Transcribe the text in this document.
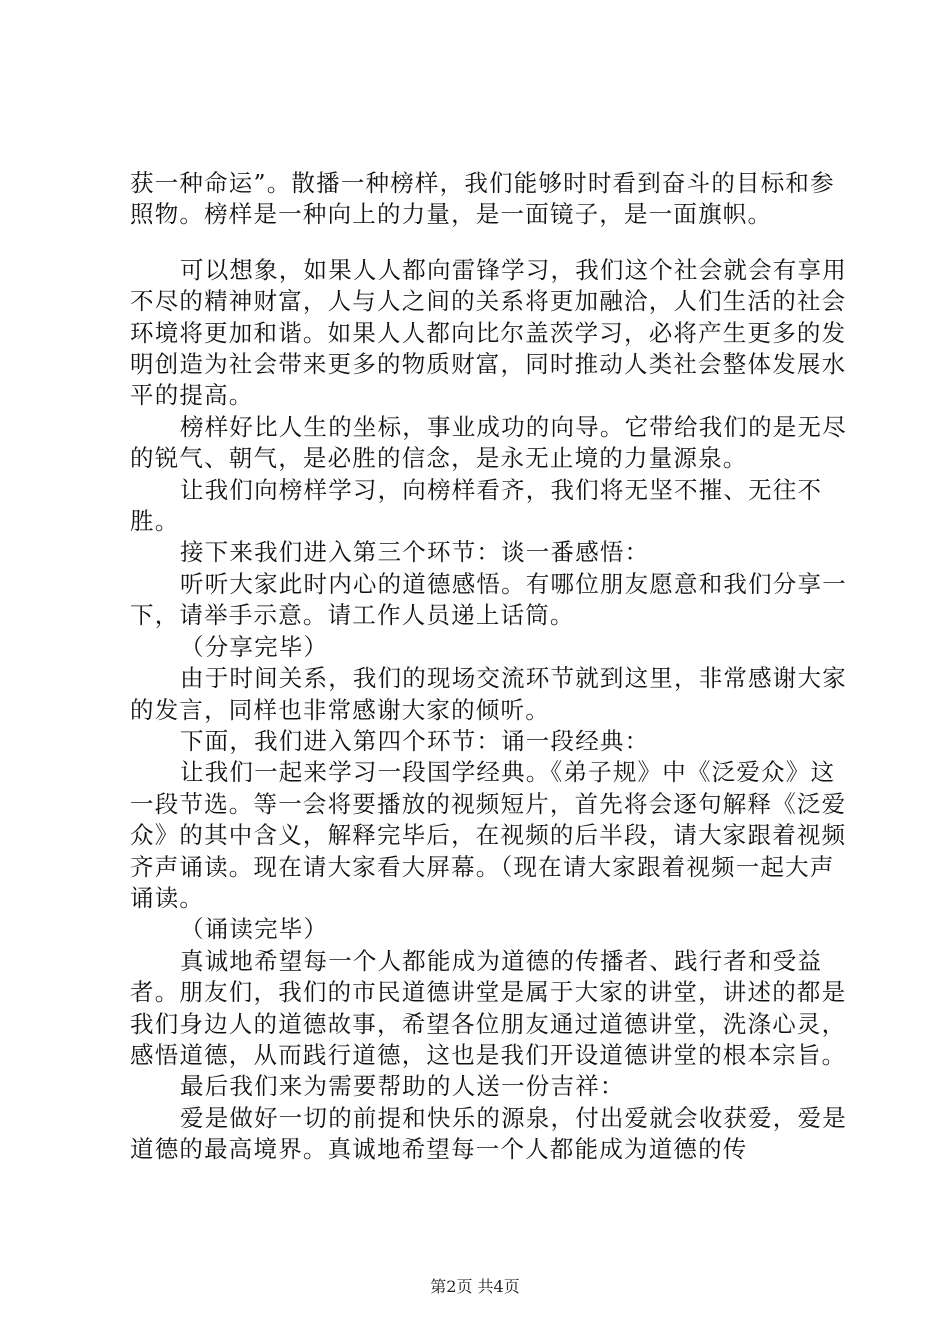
获一种命运”。散播一种榜样，我们能够时时看到奋斗的目标和参照物。榜样是一种向上的力量，是一面镜子，是一面旗帜。

可以想象，如果人人都向雷锋学习，我们这个社会就会有享用不尽的精神财富，人与人之间的关系将更加融洽，人们生活的社会环境将更加和谐。如果人人都向比尔盖茨学习，必将产生更多的发明创造为社会带来更多的物质财富，同时推动人类社会整体发展水平的提高。

榜样好比人生的坐标，事业成功的向导。它带给我们的是无尽的锐气、朝气，是必胜的信念，是永无止境的力量源泉。

让我们向榜样学习，向榜样看齐，我们将无坚不摧、无往不胜。

接下来我们进入第三个环节：谈一番感悟：

听听大家此时内心的道德感悟。有哪位朋友愿意和我们分享一下，请举手示意。请工作人员递上话筒。

（分享完毕）

由于时间关系，我们的现场交流环节就到这里，非常感谢大家的发言，同样也非常感谢大家的倾听。

下面，我们进入第四个环节：诵一段经典：

让我们一起来学习一段国学经典。《弟子规》中《泛爱众》这一段节选。等一会将要播放的视频短片，首先将会逐句解释《泛爱众》的其中含义，解释完毕后，在视频的后半段，请大家跟着视频齐声诵读。现在请大家看大屏幕。（现在请大家跟着视频一起大声诵读。

（诵读完毕）

真诚地希望每一个人都能成为道德的传播者、践行者和受益者。朋友们，我们的市民道德讲堂是属于大家的讲堂，讲述的都是我们身边人的道德故事，希望各位朋友通过道德讲堂，洗涤心灵，感悟道德，从而践行道德，这也是我们开设道德讲堂的根本宗旨。

最后我们来为需要帮助的人送一份吉祥：

爱是做好一切的前提和快乐的源泉，付出爱就会收获爱，爱是道德的最高境界。真诚地希望每一个人都能成为道德的传

第2页 共4页
